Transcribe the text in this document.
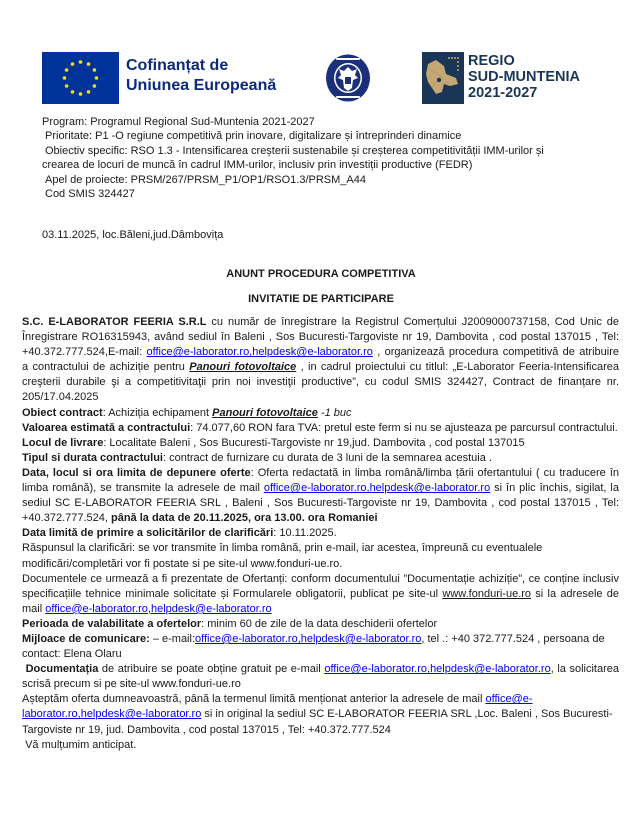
Cofinanțat de
Uniunea Europeană
REGIO
SUD-MUNTENIA
2021-2027
Program: Programul Regional Sud-Muntenia 2021-2027
Prioritate: P1 -O regiune competitivă prin inovare, digitalizare și întreprinderi dinamice
Obiectiv specific: RSO 1.3 - Intensificarea creșterii sustenabile și creșterea competitivității IMM-urilor și
crearea de locuri de muncă în cadrul IMM-urilor, inclusiv prin investiții productive (FEDR)
Apel de proiecte: PRSM/267/PRSM_P1/OP1/RSO1.3/PRSM_A44
Cod SMIS 324427
03.11.2025, loc.Băleni,jud.Dâmbovița
ANUNT PROCEDURA COMPETITIVA
INVITATIE DE PARTICIPARE

S.C. E-LABORATOR FEERIA S.R.L cu număr de înregistrare la Registrul Comerțului J2009000737158, Cod Unic de Înregistrare RO16315943, având sediul în Baleni , Sos Bucuresti-Targoviste nr 19, Dambovita , cod postal 137015 , Tel: +40.372.777.524,E-mail: office@e-laborator.ro,helpdesk@e-laborator.ro , organizează procedura competitivă de atribuire a contractului de achiziție pentru Panouri fotovoltaice , in cadrul proiectului cu titlul: „E-Laborator Feeria-Intensificarea creşterii durabile şi a competitivitaţii prin noi investiţii productive”, cu codul SMIS 324427, Contract de finanțare nr. 205/17.04.2025

Obiect contract: Achiziția echipament Panouri fotovoltaice -1 buc

Valoarea estimată a contractului: 74.077,60 RON fara TVA: pretul este ferm si nu se ajusteaza pe parcursul contractului.

Locul de livrare: Localitate Baleni , Sos Bucuresti-Targoviste nr 19,jud. Dambovita , cod postal 137015

Tipul si durata contractului: contract de furnizare cu durata de 3 luni de la semnarea acestuia .

Data, locul si ora limita de depunere oferte: Oferta redactată in limba română/limba țării ofertantului ( cu traducere în limba română), se transmite la adresele de mail office@e-laborator.ro,helpdesk@e-laborator.ro si în plic închis, sigilat, la sediul SC E-LABORATOR FEERIA SRL , Baleni , Sos Bucuresti-Targoviste nr 19, Dambovita , cod postal 137015 , Tel: +40.372.777.524, până la data de 20.11.2025, ora 13.00. ora Romaniei

Data limită de primire a solicitărilor de clarificări: 10.11.2025.

Răspunsul la clarificări: se vor transmite în limba română, prin e-mail, iar acestea, împreună cu eventualele modificări/completări vor fi postate si pe site-ul www.fonduri-ue.ro.

Documentele ce urmează a fi prezentate de Ofertanți: conform documentului ”Documentație achiziție”, ce conține inclusiv specificațiile tehnice minimale solicitate și Formularele obligatorii, publicat pe site-ul www.fonduri-ue.ro si la adresele de mail office@e-laborator.ro,helpdesk@e-laborator.ro

Perioada de valabilitate a ofertelor: minim 60 de zile de la data deschiderii ofertelor

Mijloace de comunicare: – e-mail:office@e-laborator.ro,helpdesk@e-laborator.ro, tel .: +40 372.777.524 , persoana de contact: Elena Olaru

Documentația de atribuire se poate obține gratuit pe e-mail office@e-laborator.ro,helpdesk@e-laborator.ro, la solicitarea scrisă precum si pe site-ul www.fonduri-ue.ro

Așteptăm oferta dumneavoastră, până la termenul limită menționat anterior la adresele de mail office@e-laborator.ro,helpdesk@e-laborator.ro si in original la sediul SC E-LABORATOR FEERIA SRL ,Loc. Baleni , Sos Bucuresti-Targoviste nr 19, jud. Dambovita , cod postal 137015 , Tel: +40.372.777.524

Vă mulțumim anticipat.
